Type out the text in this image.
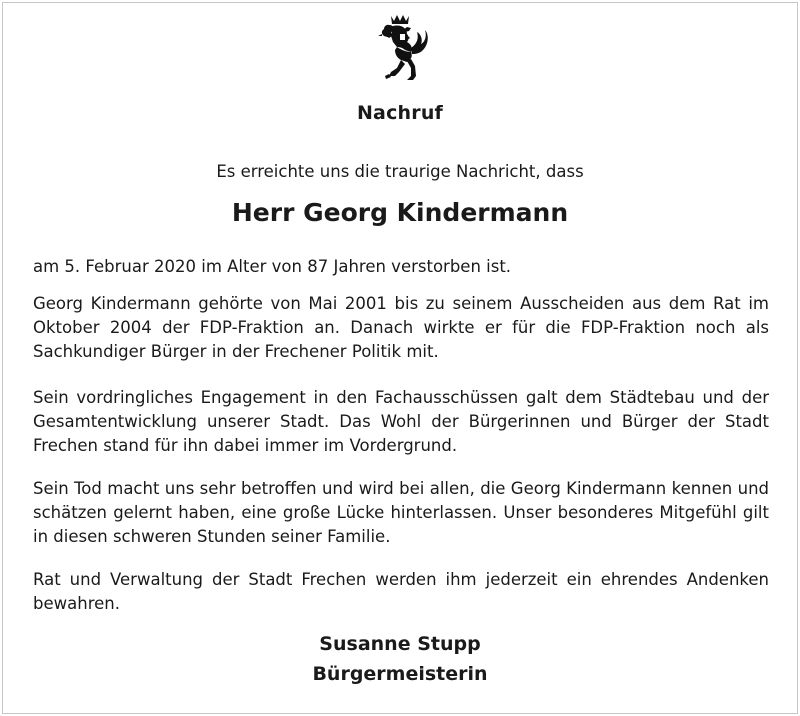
Nachruf
Es erreichte uns die traurige Nachricht, dass
Herr Georg Kindermann

am 5. Februar 2020 im Alter von 87 Jahren verstorben ist.

Georg Kindermann gehörte von Mai 2001 bis zu seinem Ausscheiden aus dem Rat im Oktober 2004 der FDP-Fraktion an. Danach wirkte er für die FDP-Fraktion noch als Sachkundiger Bürger in der Frechener Politik mit.

Sein vordringliches Engagement in den Fachausschüssen galt dem Städtebau und der Gesamtentwicklung unserer Stadt. Das Wohl der Bürgerinnen und Bürger der Stadt Frechen stand für ihn dabei immer im Vordergrund.

Sein Tod macht uns sehr betroffen und wird bei allen, die Georg Kindermann kennen und schätzen gelernt haben, eine große Lücke hinterlassen. Unser besonderes Mitgefühl gilt in diesen schweren Stunden seiner Familie.

Rat und Verwaltung der Stadt Frechen werden ihm jederzeit ein ehrendes Andenken bewahren.

Susanne Stupp
Bürgermeisterin
